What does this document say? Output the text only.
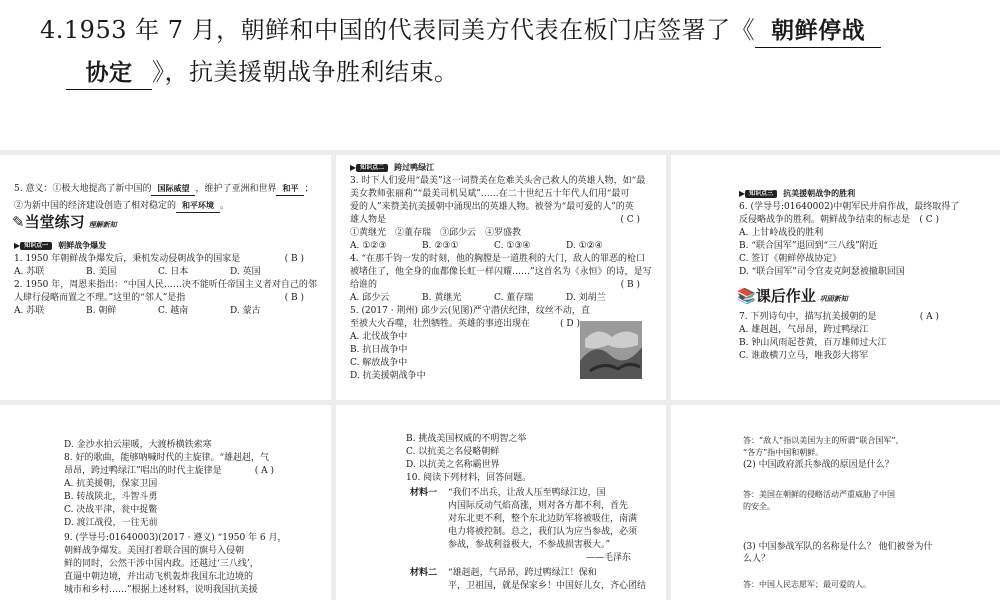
4.1953 年 7 月，朝鲜和中国的代表同美方代表在板门店签署了《 朝鲜停战
协定 》，抗美援朝战争胜利结束。

5. 意义：①极大地提高了新中国的 国际威望 ，维护了亚洲和世界 和平 ；

②为新中国的经济建设创造了相对稳定的 和平环境 。

✎当堂练习 理解新知
▶ 知识点一 朝鲜战争爆发
1. 1950 年朝鲜战争爆发后，秉机发动侵朝战争的国家是	( B )
A. 苏联	B. 美国	C. 日本	D. 英国

2. 1950 年，周恩来指出：“中国人民……决不能听任帝国主义者对自己的邻

人肆行侵略而置之不理。”这里的“邻人”是指	( B )
A. 苏联	B. 朝鲜	C. 越南	D. 蒙古
▶ 知识点二 跨过鸭绿江

3. 时下人们爱用“最美”这一词赞美在危难关头舍己救人的英雄人物，如“最

美女教师张丽莉”“最美司机吴斌”……在二十世纪五十年代人们用“最可

爱的人”来赞美抗美援朝中涌现出的英雄人物。被誉为“最可爱的人”的英

雄人物是	( C )

①黄继光　②董存瑞　③邱少云　④罗盛教

A. ①②③	B. ②③①	C. ①③④	D. ①②④

4. “在那千钧一发的时刻，他的胸膛是一道胜利的大门，敌人的罪恶的枪口

被堵住了，他全身的血都像长虹一样闪耀……”这首名为《永恒》的诗，是写

给谁的	( B )
A. 邱少云	B. 黄继光	C. 董存瑞	D. 刘胡兰

5. (2017 · 荆州) 邱少云(见图)严守潜伏纪律，纹丝不动，直

至被大火吞噬，壮烈牺牲。英雄的事迹出现在	( D )

A. 北伐战争中

B. 抗日战争中

C. 解放战争中

D. 抗美援朝战争中

▶ 知识点三 抗美援朝战争的胜利

6. (学导号:01640002)中朝军民并肩作战，最终取得了

反侵略战争的胜利。朝鲜战争结束的标志是 ( C )

A. 上甘岭战役的胜利

B. “联合国军”退回到“三八线”附近

C. 签订《朝鲜停战协定》

D. “联合国军”司令官麦克阿瑟被撤职回国

📚课后作业 巩固新知
7. 下列诗句中，描写抗美援朝的是	( A )

A. 雄赳赳，气昂昂，跨过鸭绿江

B. 钟山风雨起苍黄，百万雄师过大江

C. 谁敢横刀立马，唯我彭大将军

D. 金沙水拍云崖暖，大渡桥横铁索寒

8. 好的歌曲，能够呐喊时代的主旋律。“雄赳赳，气

昂昂，跨过鸭绿江”唱出的时代主旋律是	( A )

A. 抗美援朝，保家卫国

B. 转战陕北，斗智斗勇

C. 决战平津，瓮中捉鳖

D. 渡江战役，一往无前

9. (学导号:01640003)(2017 · 遵义) “1950 年 6 月，

朝鲜战争爆发。美国打着联合国的旗号入侵朝

鲜的同时，公然干涉中国内政。还越过‘三八线’，

直逼中朝边境，并出动飞机轰炸我国东北边境的

城市和乡村……”根据上述材料，说明我国抗美援

B. 挑战美国权威的不明智之举

C. 以抗美之名侵略朝鲜

D. 以抗美之名称霸世界

10. 阅读下列材料，回答问题。

材料一	“我们不出兵，让敌人压至鸭绿江边，国

内国际反动气焰高涨，则对各方都不利，首先

对东北更不利，整个东北边防军将被吸住，南满

电力将被控制。总之，我们认为应当参战，必须

参战，参战利益极大，不参战损害极大。”

——毛泽东

材料二	“雄赳赳，气昂昂，跨过鸭绿江！保和

平，卫祖国，就是保家乡！中国好儿女，齐心团结

答：“敌人”指以美国为主的所谓“联合国军”，

“各方”指中国和朝鲜。

(2) 中国政府派兵参战的原因是什么？

答：美国在朝鲜的侵略活动严重威胁了中国

的安全。

(3) 中国参战军队的名称是什么？ 他们被誉为什

么人？

答：中国人民志愿军；最可爱的人。
